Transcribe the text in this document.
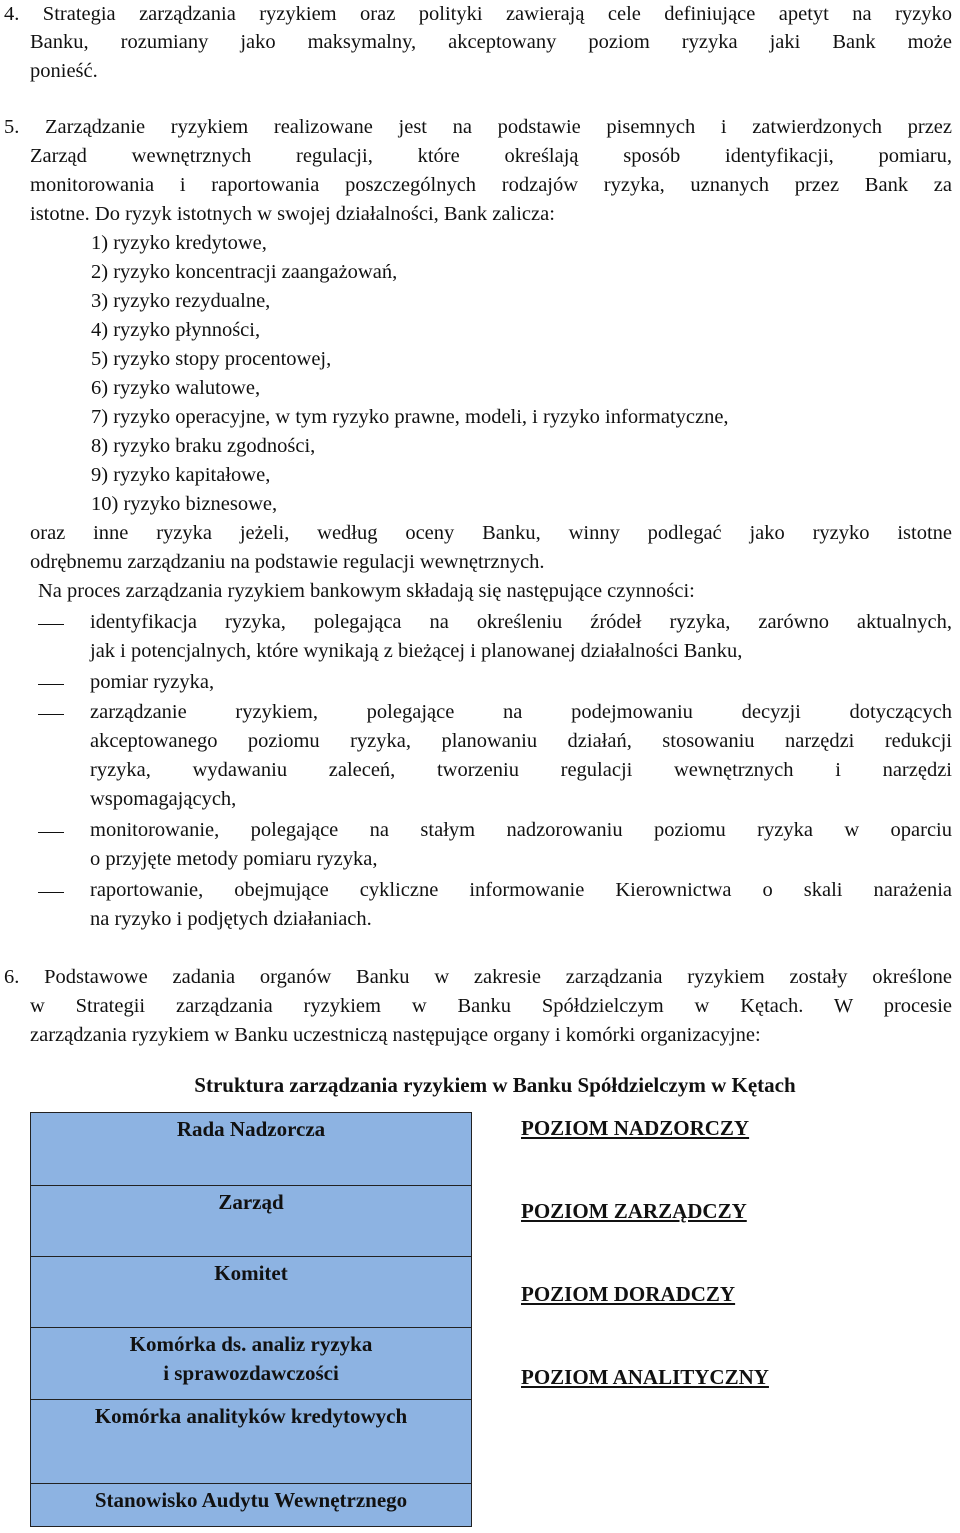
4. Strategia zarządzania ryzykiem oraz polityki zawierają cele definiujące apetyt na ryzyko
Banku, rozumiany jako maksymalny, akceptowany poziom ryzyka jaki Bank może
ponieść.
5. Zarządzanie ryzykiem realizowane jest na podstawie pisemnych i zatwierdzonych przez
Zarząd wewnętrznych regulacji, które określają sposób identyfikacji, pomiaru,
monitorowania i raportowania poszczególnych rodzajów ryzyka, uznanych przez Bank za
istotne. Do ryzyk istotnych w swojej działalności, Bank zalicza:
1) ryzyko kredytowe,
2) ryzyko koncentracji zaangażowań,
3) ryzyko rezydualne,
4) ryzyko płynności,
5) ryzyko stopy procentowej,
6) ryzyko walutowe,
7) ryzyko operacyjne, w tym ryzyko prawne, modeli, i ryzyko informatyczne,
8) ryzyko braku zgodności,
9) ryzyko kapitałowe,
10) ryzyko biznesowe,
oraz inne ryzyka jeżeli, według oceny Banku, winny podlegać jako ryzyko istotne
odrębnemu zarządzaniu na podstawie regulacji wewnętrznych.
Na proces zarządzania ryzykiem bankowym składają się następujące czynności:
identyfikacja ryzyka, polegająca na określeniu źródeł ryzyka, zarówno aktualnych,
jak i potencjalnych, które wynikają z bieżącej i planowanej działalności Banku,
pomiar ryzyka,
zarządzanie ryzykiem, polegające na podejmowaniu decyzji dotyczących
akceptowanego poziomu ryzyka, planowaniu działań, stosowaniu narzędzi redukcji
ryzyka, wydawaniu zaleceń, tworzeniu regulacji wewnętrznych i narzędzi
wspomagających,
monitorowanie, polegające na stałym nadzorowaniu poziomu ryzyka w oparciu
o przyjęte metody pomiaru ryzyka,
raportowanie, obejmujące cykliczne informowanie Kierownictwa o skali narażenia
na ryzyko i podjętych działaniach.
6. Podstawowe zadania organów Banku w zakresie zarządzania ryzykiem zostały określone
w Strategii zarządzania ryzykiem w Banku Spółdzielczym w Kętach. W procesie
zarządzania ryzykiem w Banku uczestniczą następujące organy i komórki organizacyjne:
Struktura zarządzania ryzykiem w Banku Spółdzielczym w Kętach
Rada Nadzorcza
Zarząd
Komitet
Komórka ds. analiz ryzyka
i sprawozdawczości
Komórka analityków kredytowych
Stanowisko Audytu Wewnętrznego
POZIOM NADZORCZY
POZIOM ZARZĄDCZY
POZIOM DORADCZY
POZIOM ANALITYCZNY
